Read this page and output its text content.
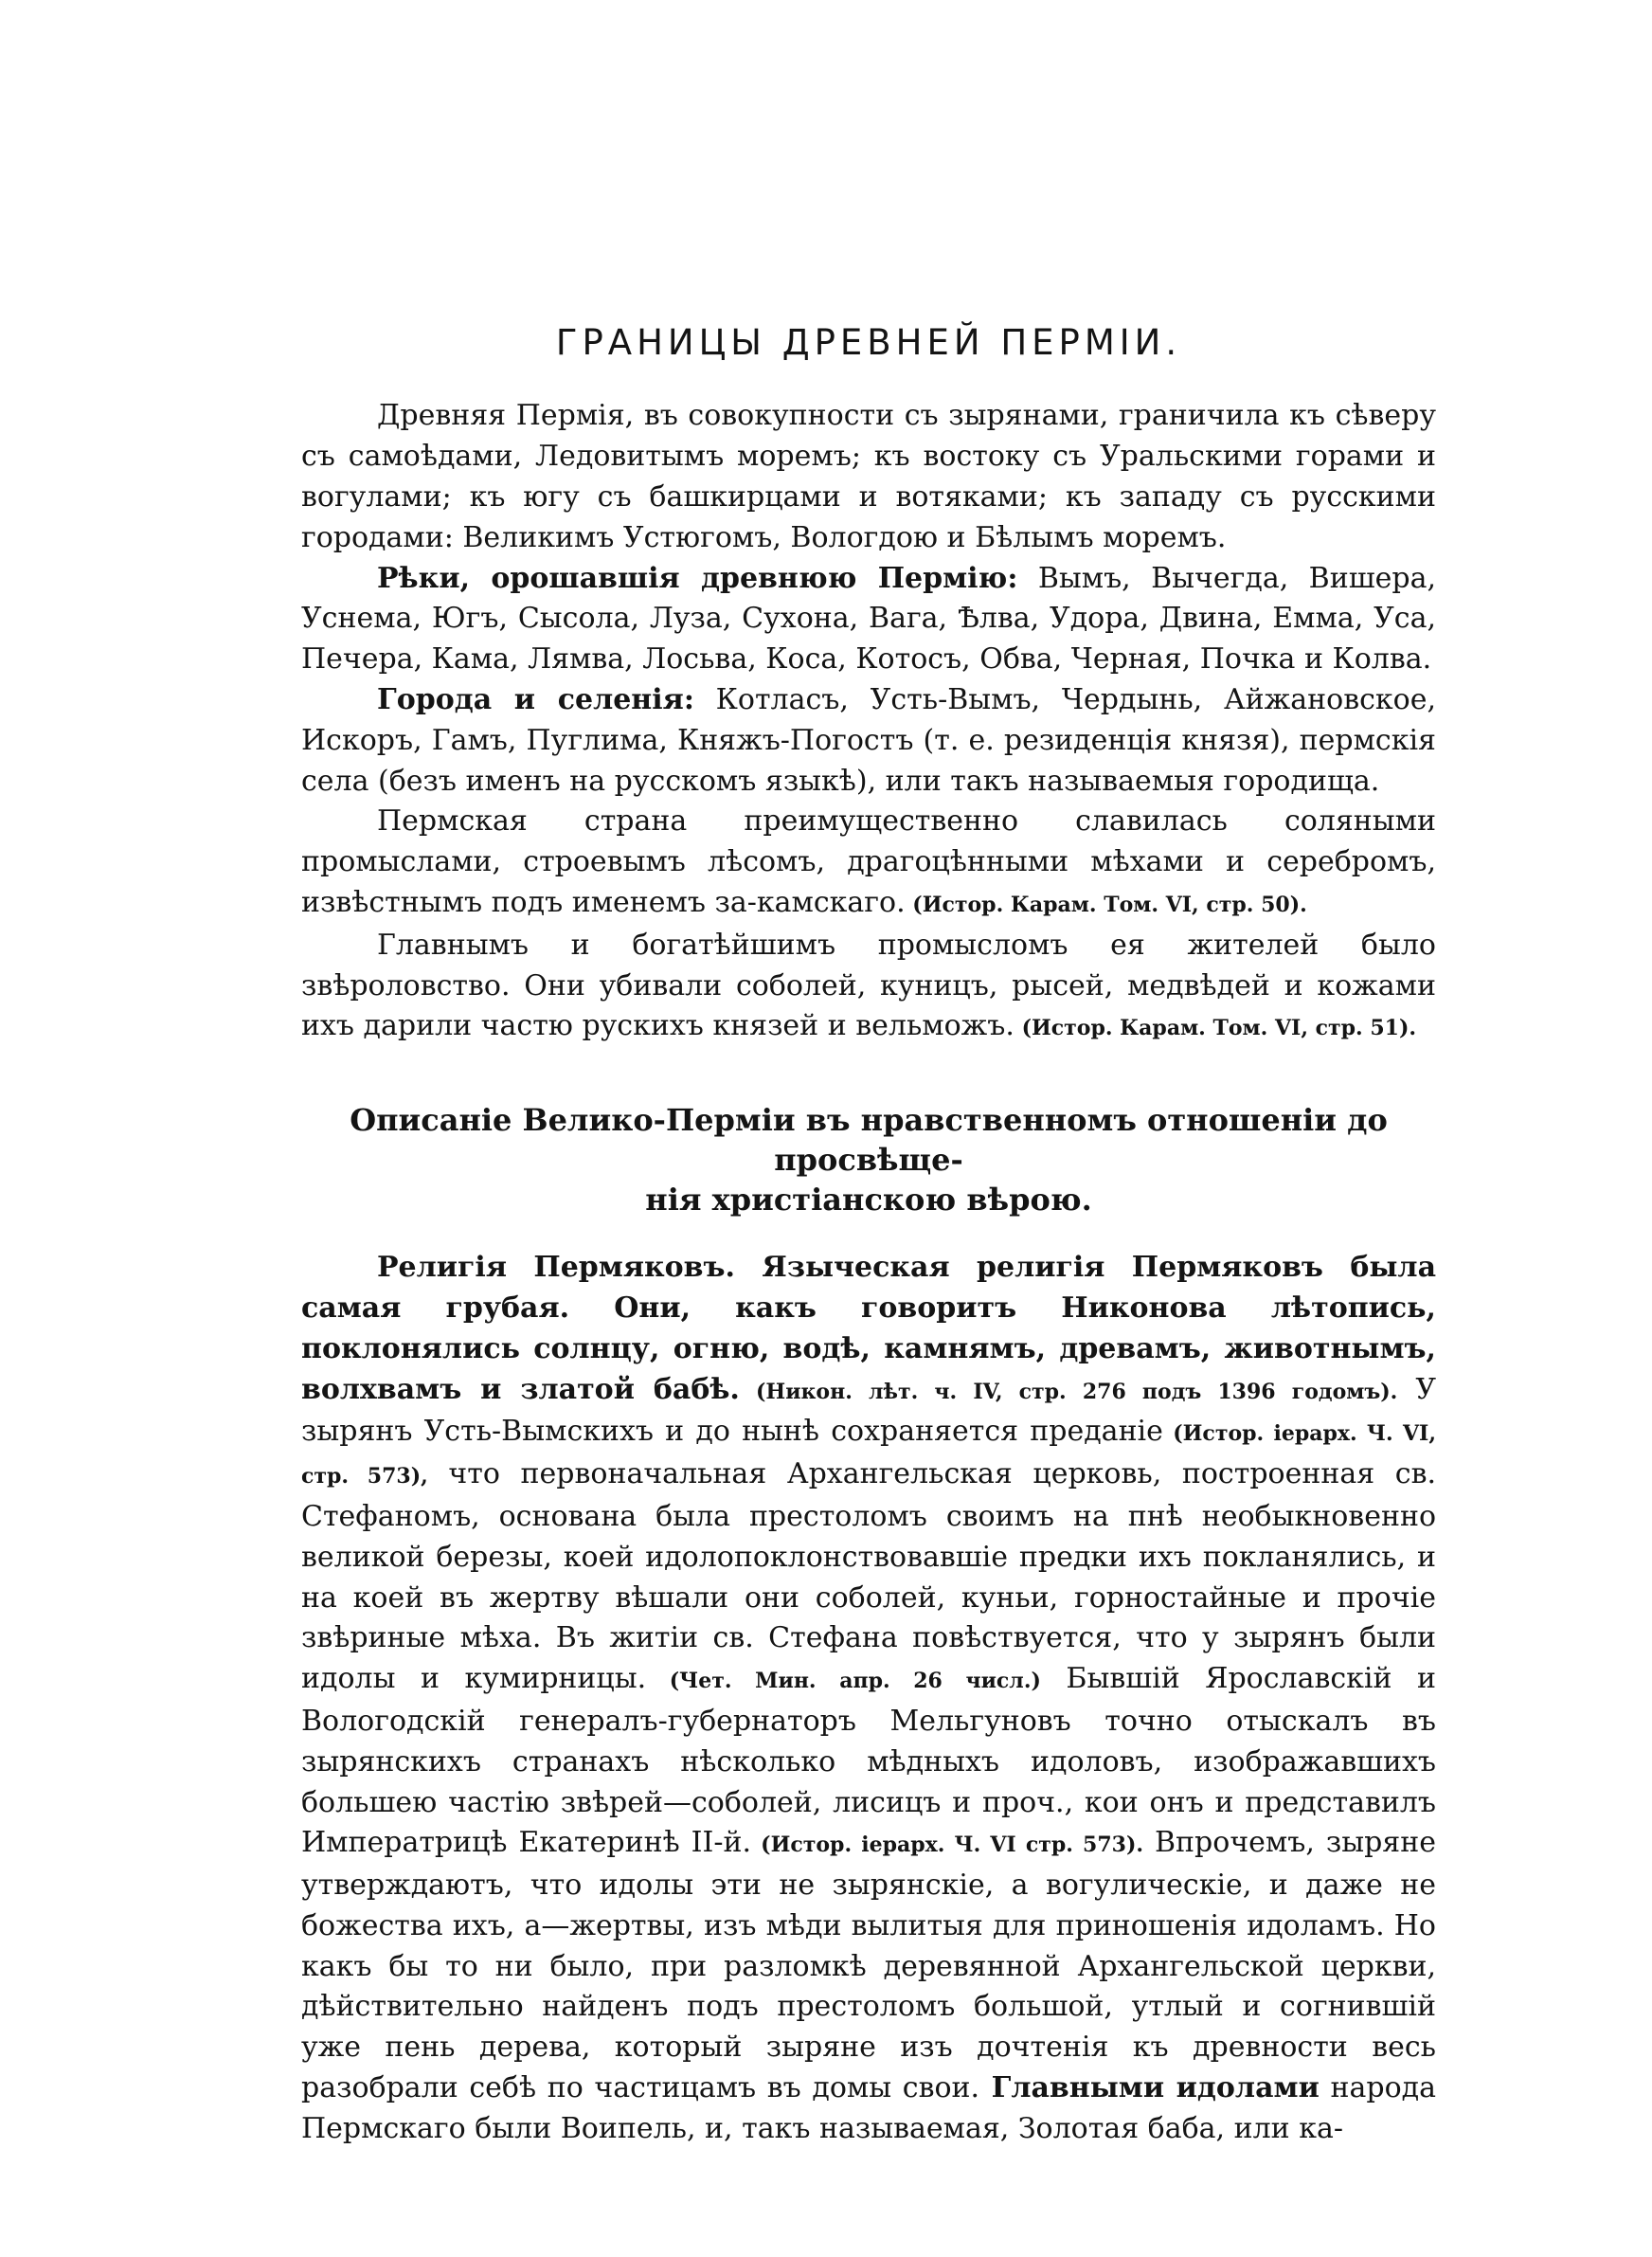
ГРАНИЦЫ ДРЕВНЕЙ ПЕРМІИ.

Древняя Пермія, въ совокупности съ зырянами, граничила къ сѣверу съ самоѣдами, Ледовитымъ моремъ; къ востоку съ Уральскими горами и вогулами; къ югу съ башкирцами и вотяками; къ западу съ русскими городами: Великимъ Устюгомъ, Вологдою и Бѣлымъ моремъ.

Рѣки, орошавшія древнюю Пермію: Вымъ, Вычегда, Вишера, Уснема, Югъ, Сысола, Луза, Сухона, Вага, Ѣлва, Удора, Двина, Емма, Уса, Печера, Кама, Лямва, Лосьва, Коса, Котосъ, Обва, Черная, Почка и Колва.

Города и селенія: Котласъ, Усть-Вымъ, Чердынь, Айжановское, Искоръ, Гамъ, Пуглима, Княжъ-Погостъ (т. е. резиденція князя), пермскія села (безъ именъ на русскомъ языкѣ), или такъ называемыя городища.

Пермская страна преимущественно славилась соляными промыслами, строевымъ лѣсомъ, драгоцѣнными мѣхами и серебромъ, извѣстнымъ подъ именемъ за-камскаго. (Истор. Карам. Том. VI, стр. 50).

Главнымъ и богатѣйшимъ промысломъ ея жителей было звѣроловство. Они убивали соболей, куницъ, рысей, медвѣдей и кожами ихъ дарили частю рускихъ князей и вельможъ. (Истор. Карам. Том. VI, стр. 51).

Описаніе Велико-Перміи въ нравственномъ отношеніи до просвѣще-
нія христіанскою вѣрою.

Религія Пермяковъ. Языческая религія Пермяковъ была самая грубая. Они, какъ говоритъ Никонова лѣтопись, поклонялись солнцу, огню, водѣ, камнямъ, древамъ, животнымъ, волхвамъ и златой бабѣ. (Никон. лѣт. ч. IV, стр. 276 подъ 1396 годомъ). У зырянъ Усть-Вымскихъ и до нынѣ сохраняется преданіе (Истор. іерарх. Ч. VI, стр. 573), что первоначальная Архангельская церковь, построенная св. Стефаномъ, основана была престоломъ своимъ на пнѣ необыкновенно великой березы, коей идолопоклонствовавшіе предки ихъ покланялись, и на коей въ жертву вѣшали они соболей, куньи, горностайные и прочіе звѣриные мѣха. Въ житіи св. Стефана повѣствуется, что у зырянъ были идолы и кумирницы. (Чет. Мин. апр. 26 числ.) Бывшій Ярославскій и Вологодскій генералъ-губернаторъ Мельгуновъ точно отыскалъ въ зырянскихъ странахъ нѣсколько мѣдныхъ идоловъ, изображавшихъ большею частію звѣрей—соболей, лисицъ и проч., кои онъ и представилъ Императрицѣ Екатеринѣ II-й. (Истор. іерарх. Ч. VI стр. 573). Впрочемъ, зыряне утверждаютъ, что идолы эти не зырянскіе, а вогулическіе, и даже не божества ихъ, а—жертвы, изъ мѣди вылитыя для приношенія идоламъ. Но какъ бы то ни было, при разломкѣ деревянной Архангельской церкви, дѣйствительно найденъ подъ престоломъ большой, утлый и согнившій уже пень дерева, который зыряне изъ дочтенія къ древности весь разобрали себѣ по частицамъ въ домы свои. Главными идолами народа Пермскаго были Воипель, и, такъ называемая, Золотая баба, или ка-
